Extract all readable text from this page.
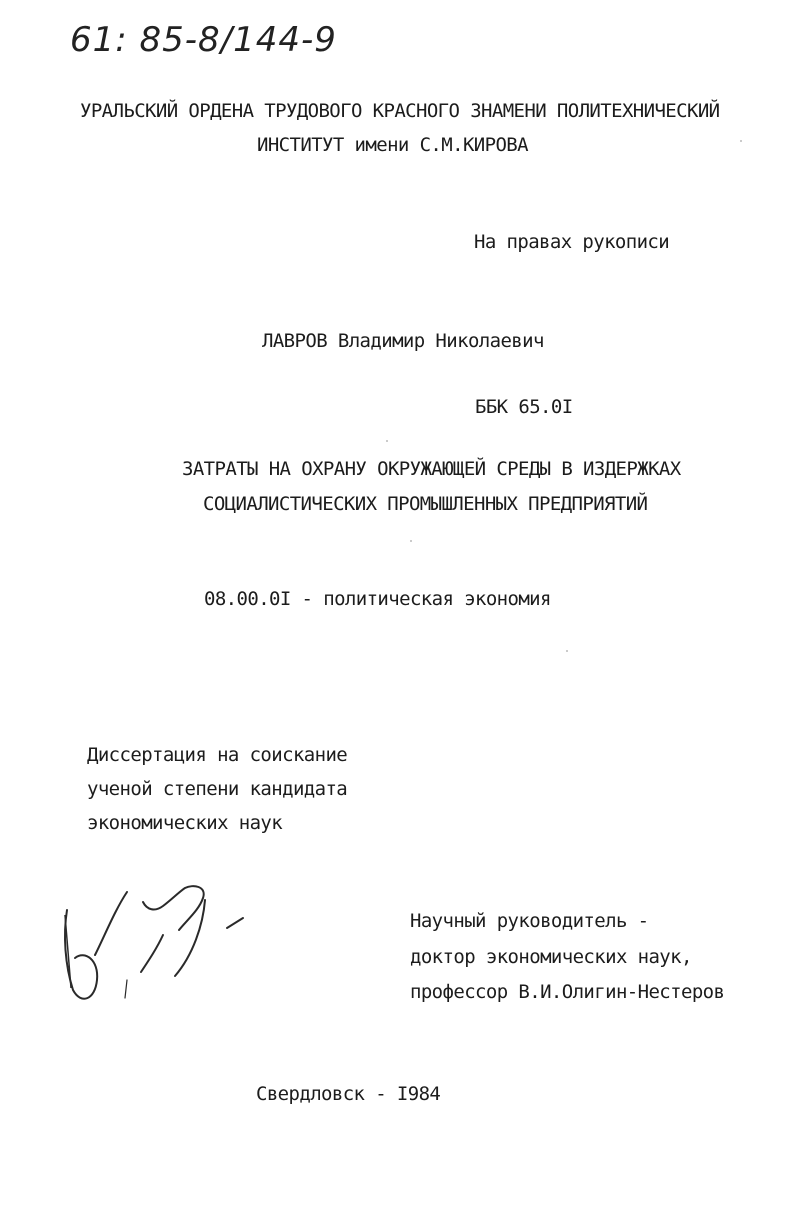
61: 85-8/144-9
УРАЛЬСКИЙ ОРДЕНА ТРУДОВОГО КРАСНОГО ЗНАМЕНИ ПОЛИТЕХНИЧЕСКИЙ
ИНСТИТУТ имени С.М.КИРОВА
На правах рукописи
ЛАВРОВ Владимир Николаевич
ББК 65.0I
ЗАТРАТЫ НА ОХРАНУ ОКРУЖАЮЩЕЙ СРЕДЫ В ИЗДЕРЖКАХ
СОЦИАЛИСТИЧЕСКИХ ПРОМЫШЛЕННЫХ ПРЕДПРИЯТИЙ
08.00.0I - политическая экономия
Диссертация на соискание
ученой степени кандидата
экономических наук
Научный руководитель -
доктор экономических наук,
профессор В.И.Олигин-Нестеров
Свердловск - I984
